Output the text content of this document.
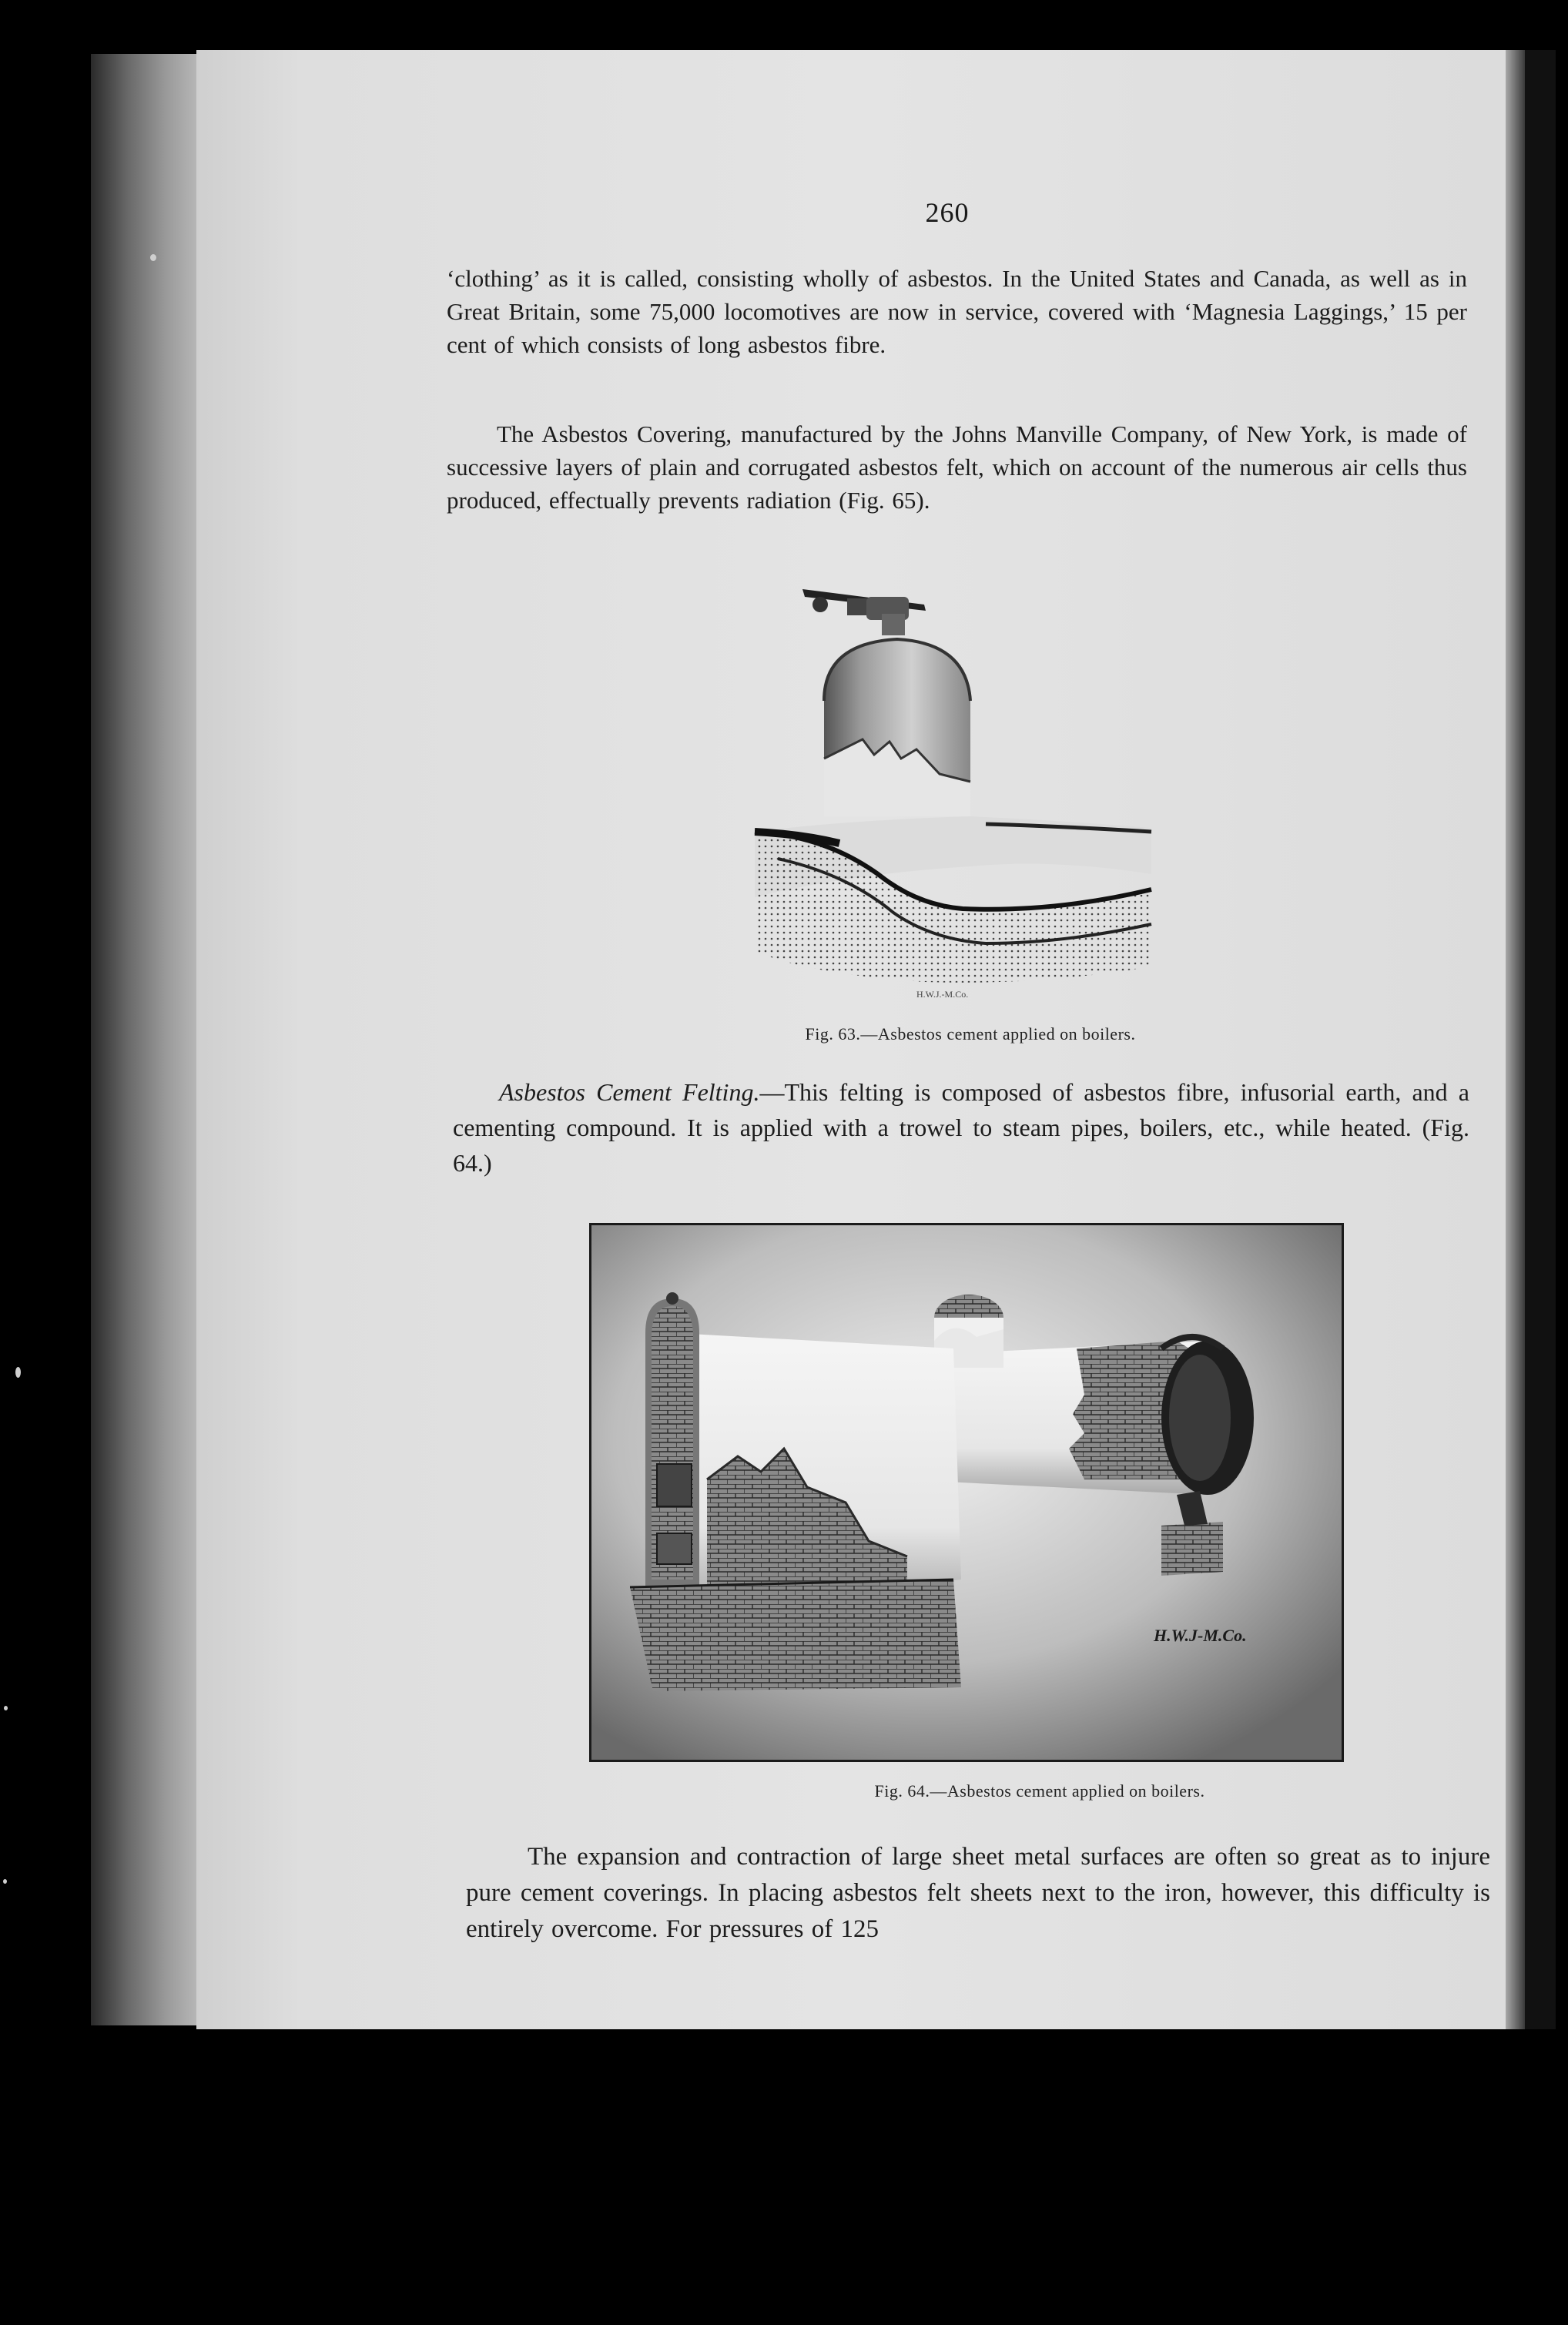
260

‘clothing’ as it is called, consisting wholly of asbestos. In the United States and Canada, as well as in Great Britain, some 75,000 locomotives are now in service, covered with ‘Magnesia Laggings,’ 15 per cent of which consists of long asbestos fibre.

The Asbestos Covering, manufactured by the Johns Manville Company, of New York, is made of successive layers of plain and corrugated asbestos felt, which on account of the numerous air cells thus produced, effectually prevents radiation (Fig. 65).

H.W.J.-M.Co.
Fig. 63.—Asbestos cement applied on boilers.

Asbestos Cement Felting.—This felting is composed of asbestos fibre, infusorial earth, and a cementing compound. It is applied with a trowel to steam pipes, boilers, etc., while heated. (Fig. 64.)

H.W.J-M.Co.
Fig. 64.—Asbestos cement applied on boilers.

The expansion and contraction of large sheet metal surfaces are often so great as to injure pure cement coverings. In placing asbestos felt sheets next to the iron, however, this difficulty is entirely overcome. For pressures of 125
